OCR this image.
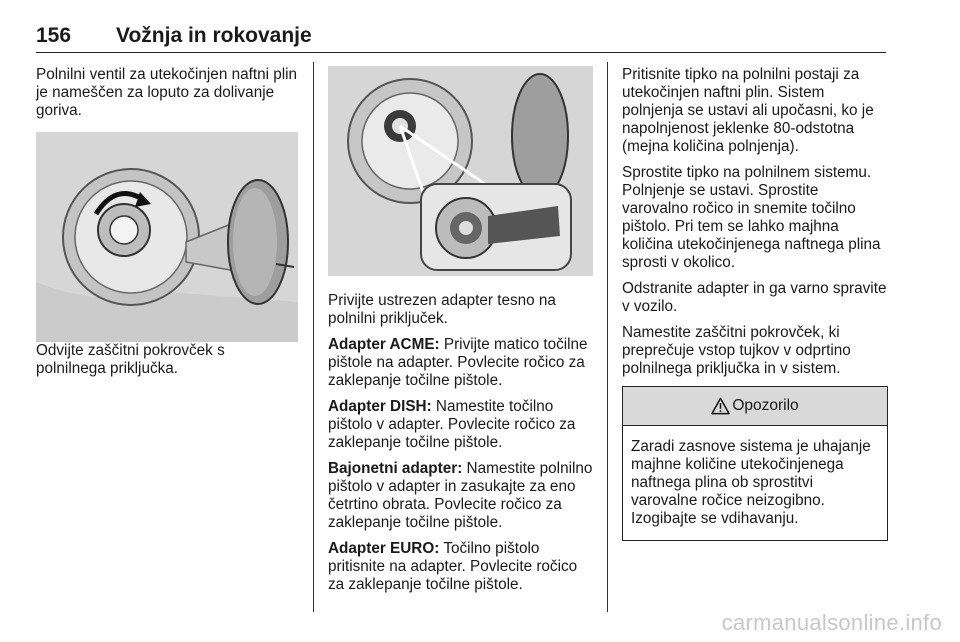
156 Vožnja in rokovanje

Polnilni ventil za utekočinjen naftni plin je nameščen za loputo za dolivanje goriva.

Odvijte zaščitni pokrovček s polnilnega priključka.

Privijte ustrezen adapter tesno na polnilni priključek.

Adapter ACME: Privijte matico točilne pištole na adapter. Povlecite ročico za zaklepanje točilne pištole.

Adapter DISH: Namestite točilno pištolo v adapter. Povlecite ročico za zaklepanje točilne pištole.

Bajonetni adapter: Namestite polnilno pištolo v adapter in zasukajte za eno četrtino obrata. Povlecite ročico za zaklepanje točilne pištole.

Adapter EURO: Točilno pištolo pritisnite na adapter. Povlecite ročico za zaklepanje točilne pištole.

Pritisnite tipko na polnilni postaji za utekočinjen naftni plin. Sistem polnjenja se ustavi ali upočasni, ko je napolnjenost jeklenke 80-odstotna (mejna količina polnjenja).

Sprostite tipko na polnilnem sistemu. Polnjenje se ustavi. Sprostite varovalno ročico in snemite točilno pištolo. Pri tem se lahko majhna količina utekočinjenega naftnega plina sprosti v okolico.

Odstranite adapter in ga varno spravite v vozilo.

Namestite zaščitni pokrovček, ki preprečuje vstop tujkov v odprtino polnilnega priključka in v sistem.

Opozorilo
Zaradi zasnove sistema je uhajanje majhne količine utekočinjenega naftnega plina ob sprostitvi varovalne ročice neizogibno. Izogibajte se vdihavanju.
carmanualsonline.info
